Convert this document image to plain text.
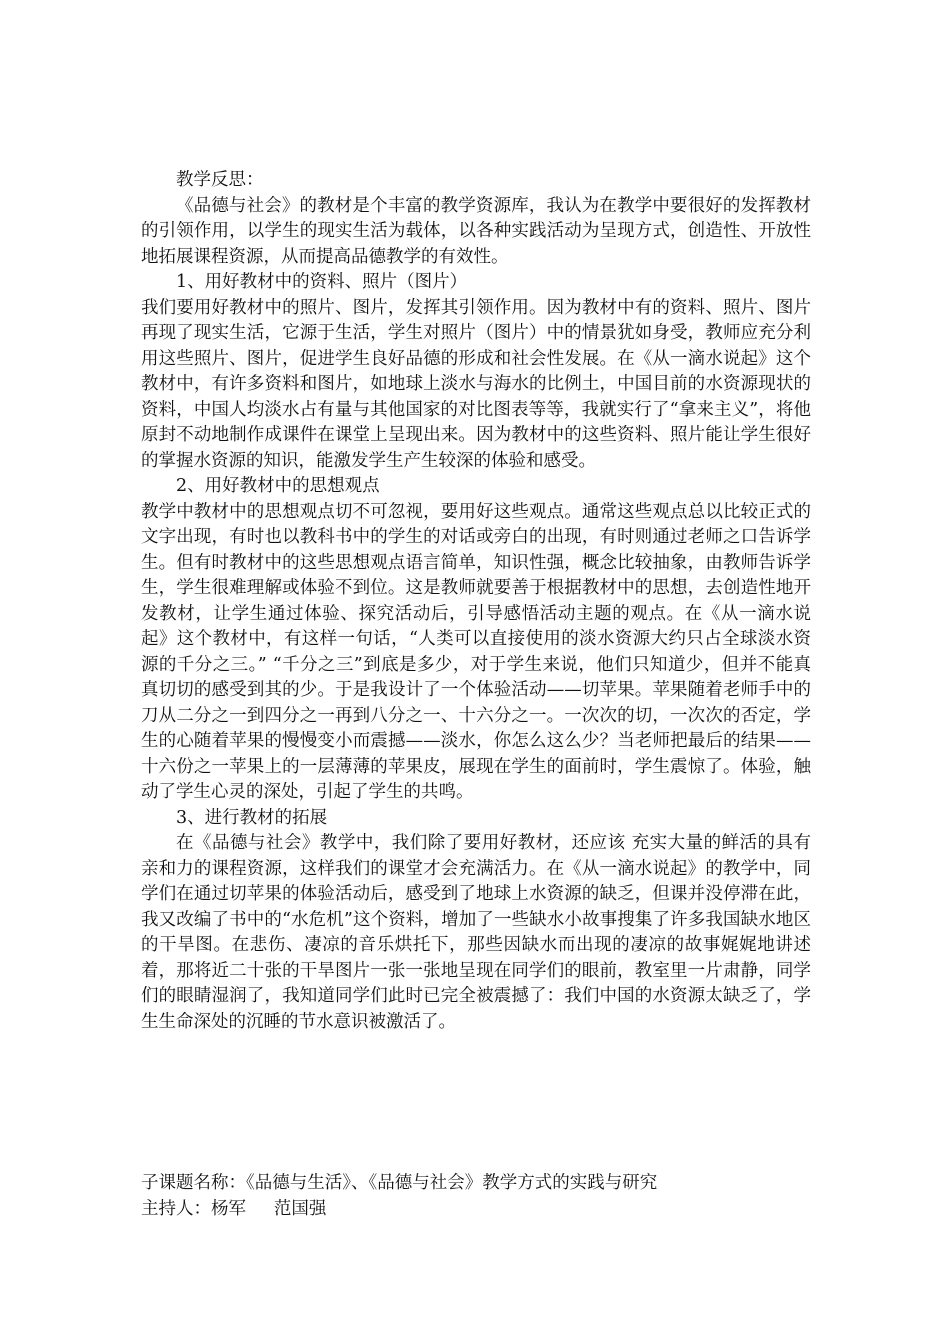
教学反思：

《品德与社会》的教材是个丰富的教学资源库，我认为在教学中要很好的发挥教材的引领作用，以学生的现实生活为载体，以各种实践活动为呈现方式，创造性、开放性地拓展课程资源，从而提高品德教学的有效性。

1、用好教材中的资料、照片（图片）

我们要用好教材中的照片、图片，发挥其引领作用。因为教材中有的资料、照片、图片再现了现实生活，它源于生活，学生对照片（图片）中的情景犹如身受，教师应充分利用这些照片、图片，促进学生良好品德的形成和社会性发展。在《从一滴水说起》这个教材中，有许多资料和图片，如地球上淡水与海水的比例土，中国目前的水资源现状的资料，中国人均淡水占有量与其他国家的对比图表等等，我就实行了“拿来主义”，将他原封不动地制作成课件在课堂上呈现出来。因为教材中的这些资料、照片能让学生很好的掌握水资源的知识，能激发学生产生较深的体验和感受。

2、用好教材中的思想观点

教学中教材中的思想观点切不可忽视，要用好这些观点。通常这些观点总以比较正式的文字出现，有时也以教科书中的学生的对话或旁白的出现，有时则通过老师之口告诉学生。但有时教材中的这些思想观点语言简单，知识性强，概念比较抽象，由教师告诉学生，学生很难理解或体验不到位。这是教师就要善于根据教材中的思想，去创造性地开发教材，让学生通过体验、探究活动后，引导感悟活动主题的观点。在《从一滴水说起》这个教材中，有这样一句话，“人类可以直接使用的淡水资源大约只占全球淡水资源的千分之三。” “千分之三”到底是多少，对于学生来说，他们只知道少，但并不能真真切切的感受到其的少。于是我设计了一个体验活动——切苹果。苹果随着老师手中的刀从二分之一到四分之一再到八分之一、十六分之一。一次次的切，一次次的否定，学生的心随着苹果的慢慢变小而震撼——淡水，你怎么这么少？当老师把最后的结果——十六份之一苹果上的一层薄薄的苹果皮，展现在学生的面前时，学生震惊了。体验，触动了学生心灵的深处，引起了学生的共鸣。

3、进行教材的拓展

在《品德与社会》教学中，我们除了要用好教材，还应该 充实大量的鲜活的具有亲和力的课程资源，这样我们的课堂才会充满活力。在《从一滴水说起》的教学中，同学们在通过切苹果的体验活动后，感受到了地球上水资源的缺乏，但课并没停滞在此，我又改编了书中的“水危机”这个资料，增加了一些缺水小故事搜集了许多我国缺水地区的干旱图。在悲伤、凄凉的音乐烘托下，那些因缺水而出现的凄凉的故事娓娓地讲述着，那将近二十张的干旱图片一张一张地呈现在同学们的眼前，教室里一片肃静，同学们的眼睛湿润了，我知道同学们此时已完全被震撼了：我们中国的水资源太缺乏了，学生生命深处的沉睡的节水意识被激活了。

子课题名称：《品德与生活》、《品德与社会》教学方式的实践与研究

主持人：杨军     范国强
